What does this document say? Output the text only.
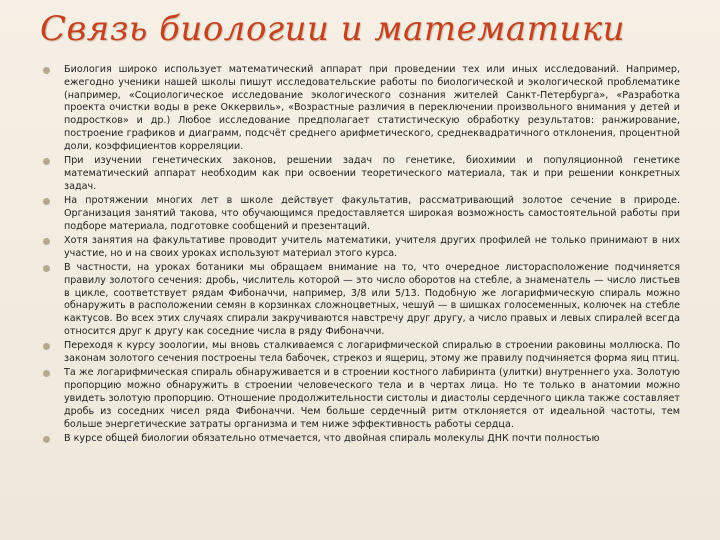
Связь биологии и математики
Биология широко использует математический аппарат при проведении тех или иных исследований. Например, ежегодно ученики нашей школы пишут исследовательские работы по биологической и экологической проблематике (например, «Социологическое исследование экологического сознания жителей Санкт-Петербурга», «Разработка проекта очистки воды в реке Оккервиль», «Возрастные различия в переключении произвольного внимания у детей и подростков» и др.) Любое исследование предполагает статистическую обработку результатов: ранжирование, построение графиков и диаграмм, подсчёт среднего арифметического, среднеквадратичного отклонения, процентной доли, коэффициентов корреляции.
При изучении генетических законов, решении задач по генетике, биохимии и популяционной генетике математический аппарат необходим как при освоении теоретического материала, так и при решении конкретных задач.
На протяжении многих лет в школе действует факультатив, рассматривающий золотое сечение в природе. Организация занятий такова, что обучающимся предоставляется широкая возможность самостоятельной работы при подборе материала, подготовке сообщений и презентаций.
Хотя занятия на факультативе проводит учитель математики, учителя других профилей не только принимают в них участие, но и на своих уроках используют материал этого курса.
В частности, на уроках ботаники мы обращаем внимание на то, что очередное листорасположение подчиняется правилу золотого сечения: дробь, числитель которой — это число оборотов на стебле, а знаменатель — число листьев в цикле, соответствует рядам Фибоначчи, например, 3/8 или 5/13. Подобную же логарифмическую спираль можно обнаружить в расположении семян в корзинках сложноцветных, чешуй — в шишках голосеменных, колючек на стебле кактусов. Во всех этих случаях спирали закручиваются навстречу друг другу, а число правых и левых спиралей всегда относится друг к другу как соседние числа в ряду Фибоначчи.
Переходя к курсу зоологии, мы вновь сталкиваемся с логарифмической спиралью в строении раковины моллюска. По законам золотого сечения построены тела бабочек, стрекоз и ящериц, этому же правилу подчиняется форма яиц птиц.
Та же логарифмическая спираль обнаруживается и в строении костного лабиринта (улитки) внутреннего уха. Золотую пропорцию можно обнаружить в строении человеческого тела и в чертах лица. Но те только в анатомии можно увидеть золотую пропорцию. Отношение продолжительности систолы и диастолы сердечного цикла также составляет дробь из соседних чисел ряда Фибоначчи. Чем больше сердечный ритм отклоняется от идеальной частоты, тем больше энергетические затраты организма и тем ниже эффективность работы сердца.
В курсе общей биологии обязательно отмечается, что двойная спираль молекулы ДНК почти полностью
